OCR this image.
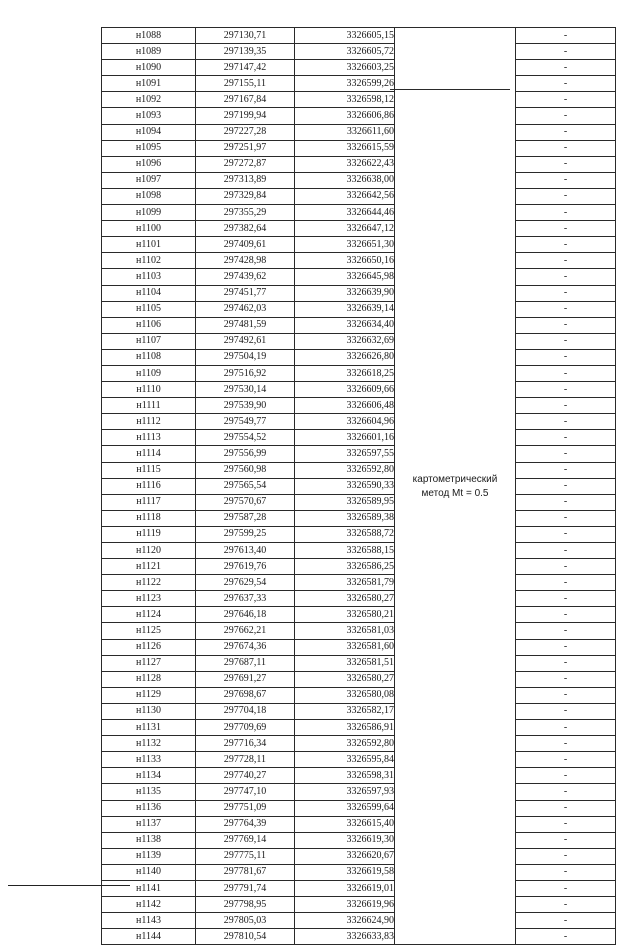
н1088	297130,71	3326605,15	картометрический
метод Mt = 0.5	-
н1089	297139,35	3326605,72		-
н1090	297147,42	3326603,25		-
н1091	297155,11	3326599,26		-
н1092	297167,84	3326598,12		-
н1093	297199,94	3326606,86		-
н1094	297227,28	3326611,60		-
н1095	297251,97	3326615,59		-
н1096	297272,87	3326622,43		-
н1097	297313,89	3326638,00		-
н1098	297329,84	3326642,56		-
н1099	297355,29	3326644,46		-
н1100	297382,64	3326647,12		-
н1101	297409,61	3326651,30		-
н1102	297428,98	3326650,16		-
н1103	297439,62	3326645,98		-
н1104	297451,77	3326639,90		-
н1105	297462,03	3326639,14		-
н1106	297481,59	3326634,40		-
н1107	297492,61	3326632,69		-
н1108	297504,19	3326626,80		-
н1109	297516,92	3326618,25		-
н1110	297530,14	3326609,66		-
н1111	297539,90	3326606,48		-
н1112	297549,77	3326604,96		-
н1113	297554,52	3326601,16		-
н1114	297556,99	3326597,55		-
н1115	297560,98	3326592,80		-
н1116	297565,54	3326590,33		-
н1117	297570,67	3326589,95		-
н1118	297587,28	3326589,38		-
н1119	297599,25	3326588,72		-
н1120	297613,40	3326588,15		-
н1121	297619,76	3326586,25		-
н1122	297629,54	3326581,79		-
н1123	297637,33	3326580,27		-
н1124	297646,18	3326580,21		-
н1125	297662,21	3326581,03		-
н1126	297674,36	3326581,60		-
н1127	297687,11	3326581,51		-
н1128	297691,27	3326580,27		-
н1129	297698,67	3326580,08		-
н1130	297704,18	3326582,17		-
н1131	297709,69	3326586,91		-
н1132	297716,34	3326592,80		-
н1133	297728,11	3326595,84		-
н1134	297740,27	3326598,31		-
н1135	297747,10	3326597,93		-
н1136	297751,09	3326599,64		-
н1137	297764,39	3326615,40		-
н1138	297769,14	3326619,30		-
н1139	297775,11	3326620,67		-
н1140	297781,67	3326619,58		-
н1141	297791,74	3326619,01		-
н1142	297798,95	3326619,96		-
н1143	297805,03	3326624,90		-
н1144	297810,54	3326633,83		-
